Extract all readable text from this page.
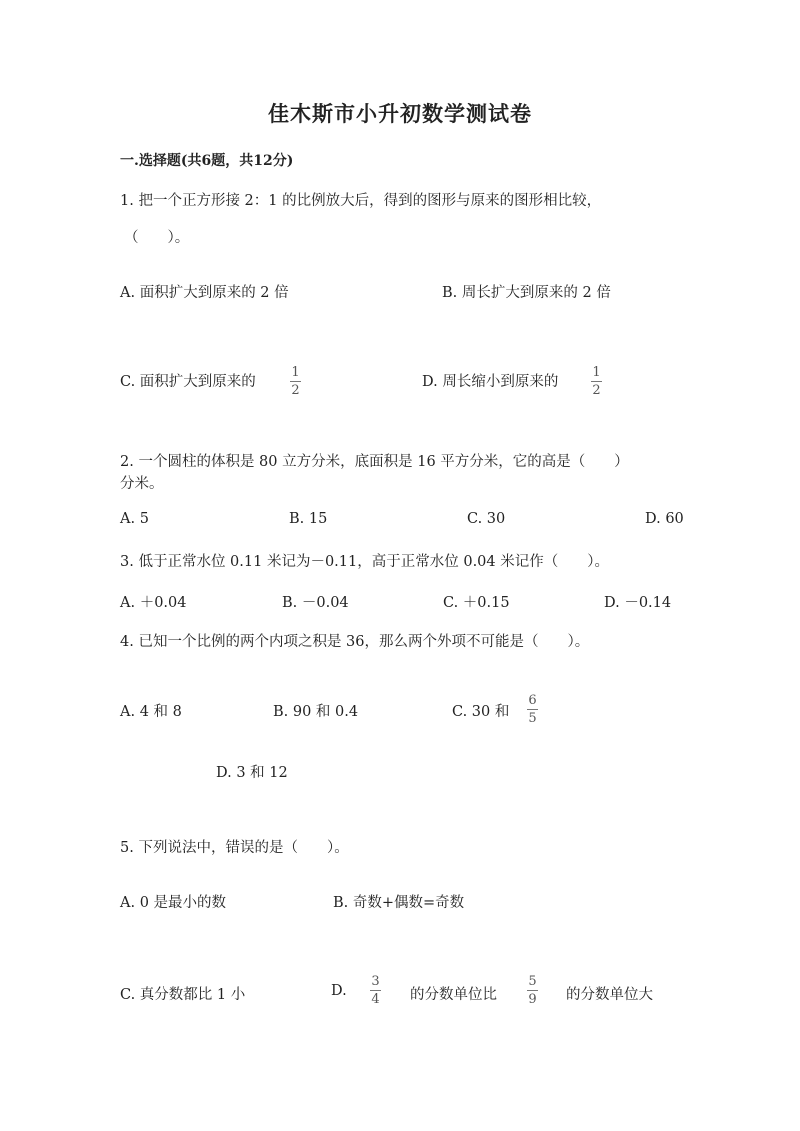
佳木斯市小升初数学测试卷
一.选择题(共6题，共12分)
1. 把一个正方形接 2：1 的比例放大后，得到的图形与原来的图形相比较，
（　　）。
A. 面积扩大到原来的 2 倍	B. 周长扩大到原来的 2 倍
C. 面积扩大到原来的
1
2
D. 周长缩小到原来的
1
2
2. 一个圆柱的体积是 80 立方分米，底面积是 16 平方分米，它的高是（　　）
分米。
A. 5	B. 15	C. 30	D. 60
3. 低于正常水位 0.11 米记为－0.11，高于正常水位 0.04 米记作（　　）。
A. ＋0.04	B. －0.04	C. ＋0.15	D. －0.14
4. 已知一个比例的两个内项之积是 36，那么两个外项不可能是（　　）。
A. 4 和 8	B. 90 和 0.4	C. 30 和
6
5
D. 3 和 12
5. 下列说法中，错误的是（　　）。
A. 0 是最小的数	B. 奇数+偶数=奇数
C. 真分数都比 1 小	D.
3
4 的分数单位比
5
9 的分数单位大
